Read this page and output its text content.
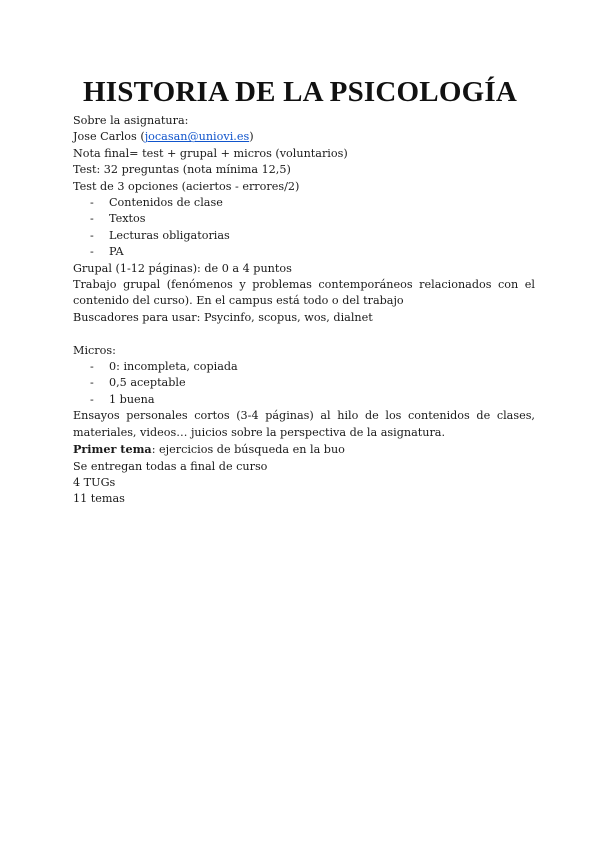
HISTORIA DE LA PSICOLOGÍA

Sobre la asignatura:

Jose Carlos (jocasan@uniovi.es)

Nota final= test + grupal + micros (voluntarios)

Test: 32 preguntas (nota mínima 12,5)

Test de 3 opciones (aciertos - errores/2)

- Contenidos de clase

- Textos

- Lecturas obligatorias

- PA

Grupal (1-12 páginas): de 0 a 4 puntos

Trabajo grupal (fenómenos y problemas contemporáneos relacionados con el contenido del curso). En el campus está todo o del trabajo

Buscadores para usar: Psycinfo, scopus, wos, dialnet

Micros:

- 0: incompleta, copiada

- 0,5 aceptable

- 1 buena

Ensayos personales cortos (3-4 páginas) al hilo de los contenidos de clases, materiales, videos… juicios sobre la perspectiva de la asignatura.

Primer tema: ejercicios de búsqueda en la buo

Se entregan todas a final de curso

4 TUGs

11 temas
